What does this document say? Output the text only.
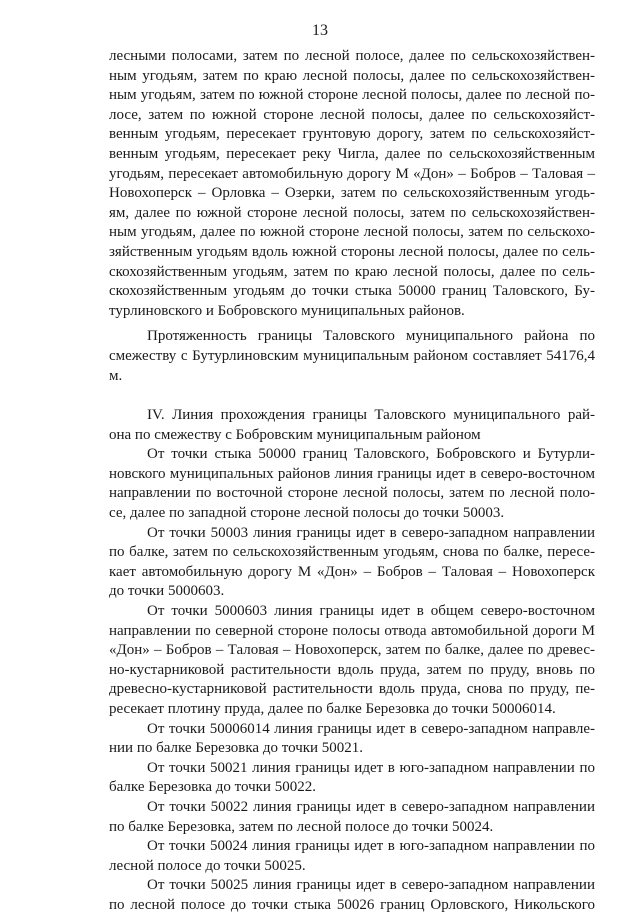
13
лесными полосами, затем по лесной полосе, далее по сельскохозяйствен-
ным угодьям, затем по краю лесной полосы, далее по сельскохозяйствен-
ным угодьям, затем по южной стороне лесной полосы, далее по лесной по-
лосе, затем по южной стороне лесной полосы, далее по сельскохозяйст-
венным угодьям, пересекает грунтовую дорогу, затем по сельскохозяйст-
венным угодьям, пересекает реку Чигла, далее по сельскохозяйственным
угодьям, пересекает автомобильную дорогу М «Дон» – Бобров – Таловая –
Новохоперск – Орловка – Озерки, затем по сельскохозяйственным угодь-
ям, далее по южной стороне лесной полосы, затем по сельскохозяйствен-
ным угодьям, далее по южной стороне лесной полосы, затем по сельскохо-
зяйственным угодьям вдоль южной стороны лесной полосы, далее по сель-
скохозяйственным угодьям, затем по краю лесной полосы, далее по сель-
скохозяйственным угодьям до точки стыка 50000 границ Таловского, Бу-
турлиновского и Бобровского муниципальных районов.
Протяженность границы Таловского муниципального района по
смежеству с Бутурлиновским муниципальным районом составляет 54176,4
м.
IV. Линия прохождения границы Таловского муниципального рай-
она по смежеству с Бобровским муниципальным районом
От точки стыка 50000 границ Таловского, Бобровского и Бутурли-
новского муниципальных районов линия границы идет в северо-восточном
направлении по восточной стороне лесной полосы, затем по лесной поло-
се, далее по западной стороне лесной полосы до точки 50003.
От точки 50003 линия границы идет в северо-западном направлении
по балке, затем по сельскохозяйственным угодьям, снова по балке, пересе-
кает автомобильную дорогу М «Дон» – Бобров – Таловая – Новохоперск
до точки 5000603.
От точки 5000603 линия границы идет в общем северо-восточном
направлении по северной стороне полосы отвода автомобильной дороги М
«Дон» – Бобров – Таловая – Новохоперск, затем по балке, далее по древес-
но-кустарниковой растительности вдоль пруда, затем по пруду, вновь по
древесно-кустарниковой растительности вдоль пруда, снова по пруду, пе-
ресекает плотину пруда, далее по балке Березовка до точки 50006014.
От точки 50006014 линия границы идет в северо-западном направле-
нии по балке Березовка до точки 50021.
От точки 50021 линия границы идет в юго-западном направлении по
балке Березовка до точки 50022.
От точки 50022 линия границы идет в северо-западном направлении
по балке Березовка, затем по лесной полосе до точки 50024.
От точки 50024 линия границы идет в юго-западном направлении по
лесной полосе до точки 50025.
От точки 50025 линия границы идет в северо-западном направлении
по лесной полосе до точки стыка 50026 границ Орловского, Никольского
